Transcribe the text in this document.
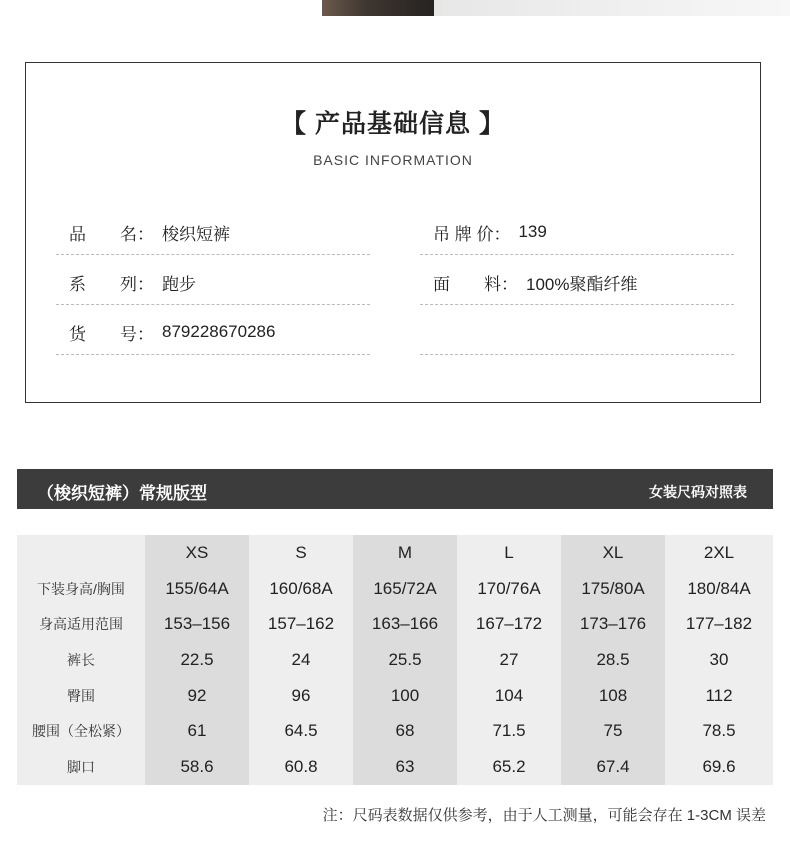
【 产品基础信息 】
BASIC INFORMATION
品　　名： 梭织短裤
系　　列： 跑步
货　　号： 879228670286
吊 牌 价： 139
面　　料： 100%聚酯纤维
（梭织短裤）常规版型	女装尺码对照表
	XS	S	M	L	XL	2XL
下装身高/胸围	155/64A	160/68A	165/72A	170/76A	175/80A	180/84A
身高适用范围	153–156	157–162	163–166	167–172	173–176	177–182
裤长	22.5	24	25.5	27	28.5	30
臀围	92	96	100	104	108	112
腰围（全松紧）	61	64.5	68	71.5	75	78.5
脚口	58.6	60.8	63	65.2	67.4	69.6
注：尺码表数据仅供参考，由于人工测量，可能会存在 1-3CM 误差
